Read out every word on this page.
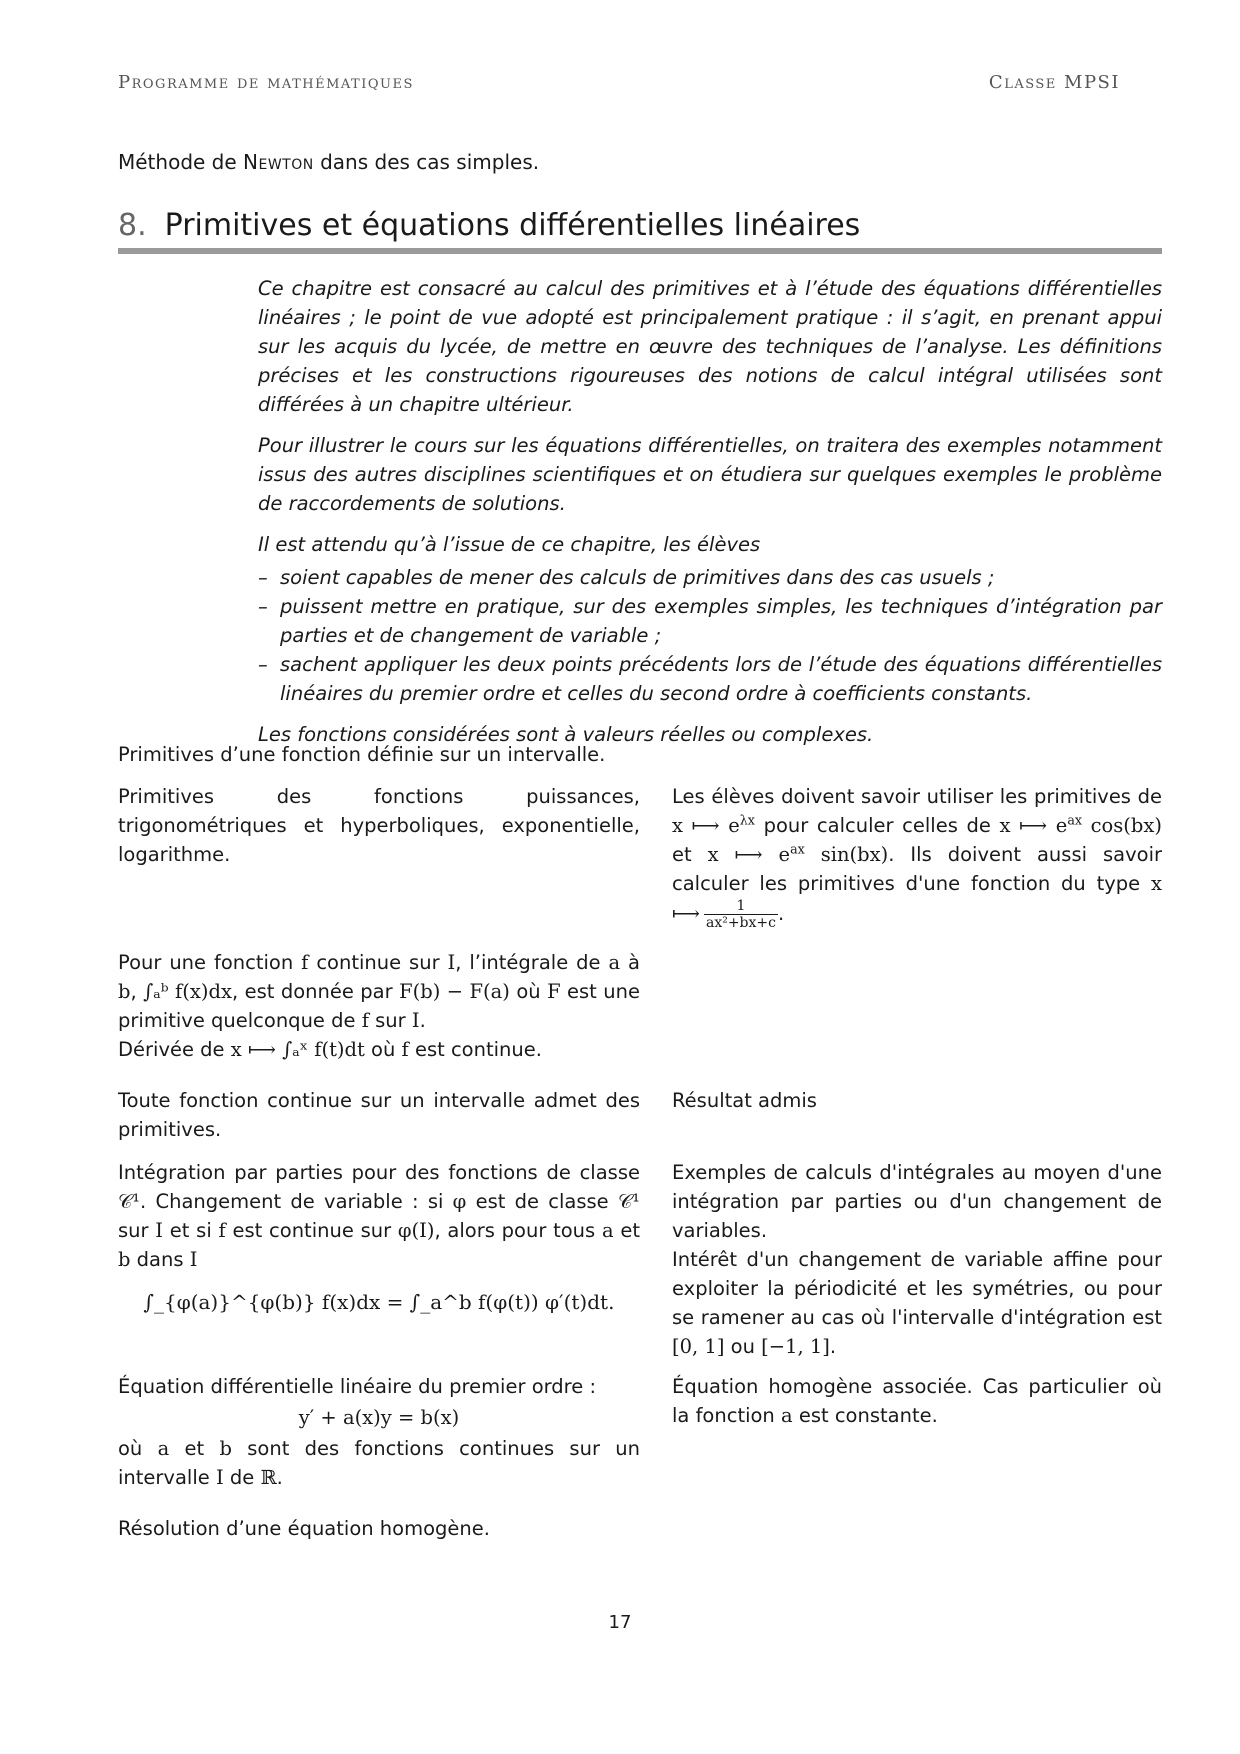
Programme de mathématiques	Classe MPSI
Méthode de Newton dans des cas simples.
8. Primitives et équations différentielles linéaires

Ce chapitre est consacré au calcul des primitives et à l’étude des équations différentielles linéaires ; le point de vue adopté est principalement pratique : il s’agit, en prenant appui sur les acquis du lycée, de mettre en œuvre des techniques de l’analyse. Les définitions précises et les constructions rigoureuses des notions de calcul intégral utilisées sont différées à un chapitre ultérieur.

Pour illustrer le cours sur les équations différentielles, on traitera des exemples notamment issus des autres disciplines scientifiques et on étudiera sur quelques exemples le problème de raccordements de solutions.

Il est attendu qu’à l’issue de ce chapitre, les élèves

– soient capables de mener des calculs de primitives dans des cas usuels ;
– puissent mettre en pratique, sur des exemples simples, les techniques d’intégration par parties et de changement de variable ;
– sachent appliquer les deux points précédents lors de l’étude des équations différentielles linéaires du premier ordre et celles du second ordre à coefficients constants.

Les fonctions considérées sont à valeurs réelles ou complexes.

Primitives d’une fonction définie sur un intervalle.
Primitives des fonctions puissances, trigonométriques et hyperboliques, exponentielle, logarithme.
Les élèves doivent savoir utiliser les primitives de x ⟼ $e^{\lambda x}$ pour calculer celles de x ⟼ $e^{ax}$ cos(bx) et x ⟼ $e^{ax}$ sin(bx). Ils doivent aussi savoir calculer les primitives d'une fonction du type x ⟼ $\frac{1}{\text{ax²+bx+c}}$ .
Pour une fonction f continue sur I, l’intégrale de a à b, ∫ₐᵇ f(x)dx, est donnée par F(b) − F(a) où F est une primitive quelconque de f sur I.
Dérivée de x ⟼ ∫ₐˣ f(t)dt où f est continue.
Toute fonction continue sur un intervalle admet des primitives.
Résultat admis
Intégration par parties pour des fonctions de classe 𝒞¹. Changement de variable : si φ est de classe 𝒞¹ sur I et si f est continue sur φ(I), alors pour tous a et b dans I
∫_{φ(a)}^{φ(b)} f(x)dx = ∫_a^b f(φ(t)) φ′(t)dt.
Exemples de calculs d'intégrales au moyen d'une intégration par parties ou d'un changement de variables.
Intérêt d'un changement de variable affine pour exploiter la périodicité et les symétries, ou pour se ramener au cas où l'intervalle d'intégration est [0, 1] ou [−1, 1].
Équation différentielle linéaire du premier ordre :
y′ + a(x)y = b(x)
où a et b sont des fonctions continues sur un intervalle I de ℝ.
Équation homogène associée. Cas particulier où la fonction a est constante.
Résolution d’une équation homogène.
17
